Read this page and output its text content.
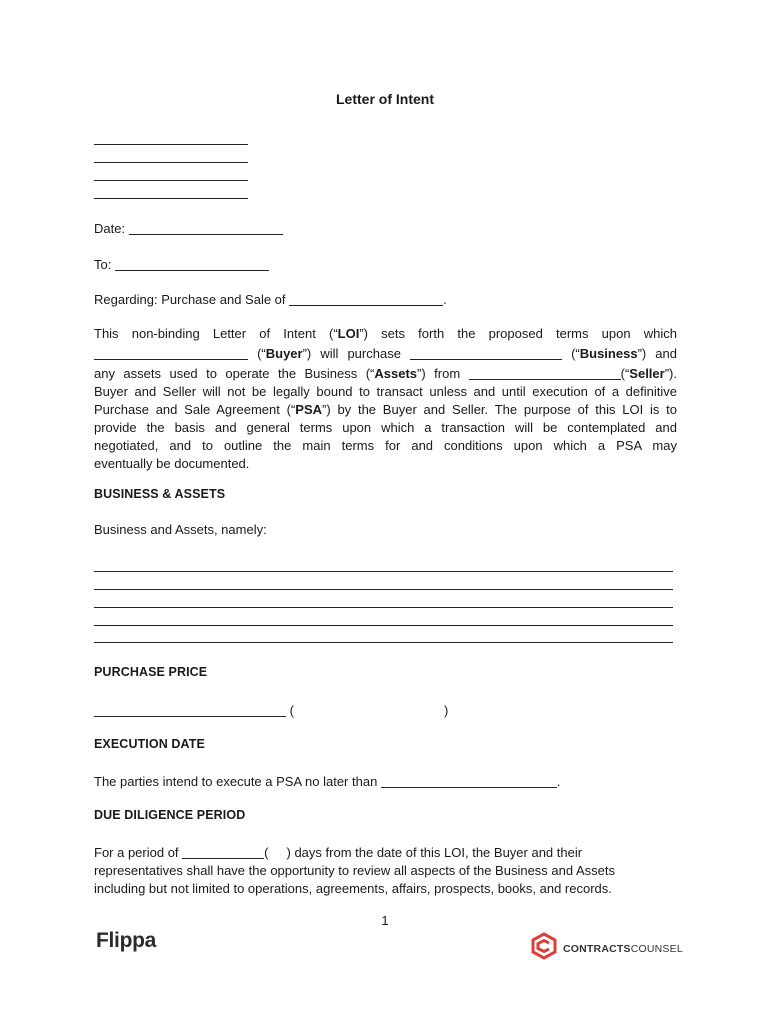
Letter of Intent
Date:
To:
Regarding: Purchase and Sale of	.
This non-binding Letter of Intent (“LOI”) sets forth the proposed terms upon which
(“Buyer”) will purchase	(“Business”) and
any assets used to operate the Business (“Assets”) from	(“Seller”).
Buyer and Seller will not be legally bound to transact unless and until execution of a definitive
Purchase and Sale Agreement (“PSA”) by the Buyer and Seller. The purpose of this LOI is to
provide the basis and general terms upon which a transaction will be contemplated and
negotiated, and to outline the main terms for and conditions upon which a PSA may
eventually be documented.
BUSINESS & ASSETS
Business and Assets, namely:
PURCHASE PRICE
(	)
EXECUTION DATE
The parties intend to execute a PSA no later than	.
DUE DILIGENCE PERIOD
For a period of	( ) days from the date of this LOI, the Buyer and their
representatives shall have the opportunity to review all aspects of the Business and Assets
including but not limited to operations, agreements, affairs, prospects, books, and records.
1
Flippa	CONTRACTSCOUNSEL
